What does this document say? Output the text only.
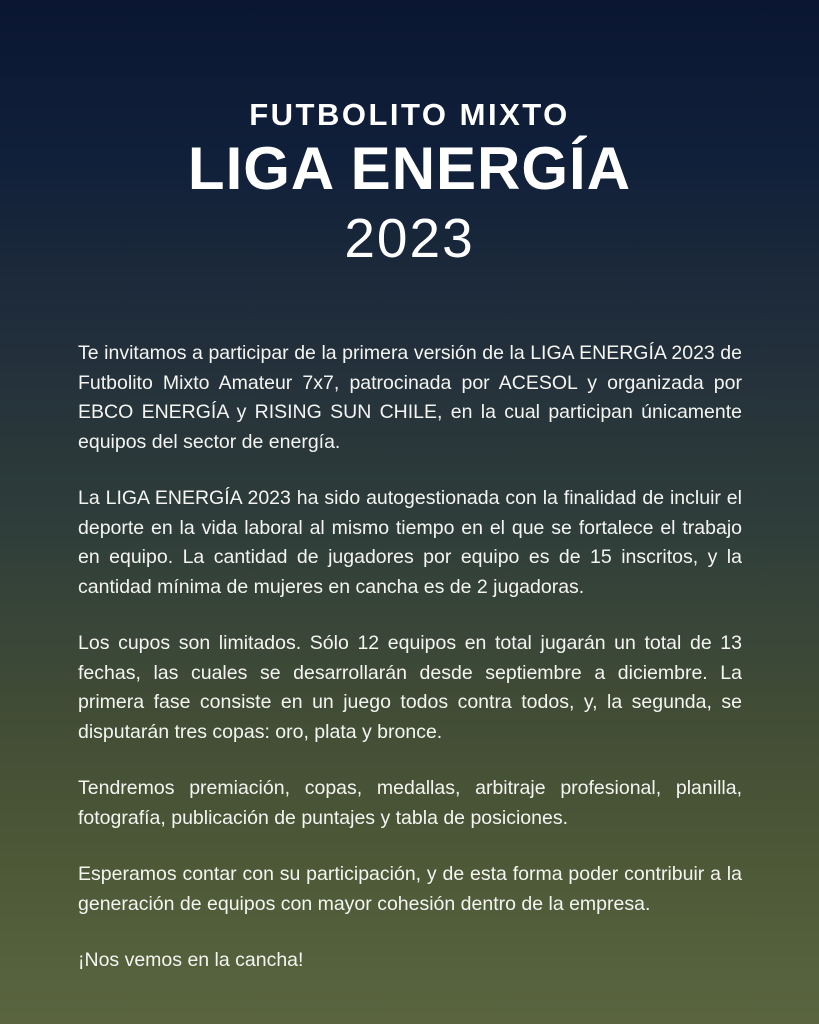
FUTBOLITO MIXTO
LIGA ENERGÍA
2023

Te invitamos a participar de la primera versión de la LIGA ENERGÍA 2023 de Futbolito Mixto Amateur 7x7, patrocinada por ACESOL y organizada por EBCO ENERGÍA y RISING SUN CHILE, en la cual participan únicamente equipos del sector de energía.

La LIGA ENERGÍA 2023 ha sido autogestionada con la finalidad de incluir el deporte en la vida laboral al mismo tiempo en el que se fortalece el trabajo en equipo. La cantidad de jugadores por equipo es de 15 inscritos, y la cantidad mínima de mujeres en cancha es de 2 jugadoras.

Los cupos son limitados. Sólo 12 equipos en total jugarán un total de 13 fechas, las cuales se desarrollarán desde septiembre a diciembre. La primera fase consiste en un juego todos contra todos, y, la segunda, se disputarán tres copas: oro, plata y bronce.

Tendremos premiación, copas, medallas, arbitraje profesional, planilla, fotografía, publicación de puntajes y tabla de posiciones.

Esperamos contar con su participación, y de esta forma poder contribuir a la generación de equipos con mayor cohesión dentro de la empresa.

¡Nos vemos en la cancha!
